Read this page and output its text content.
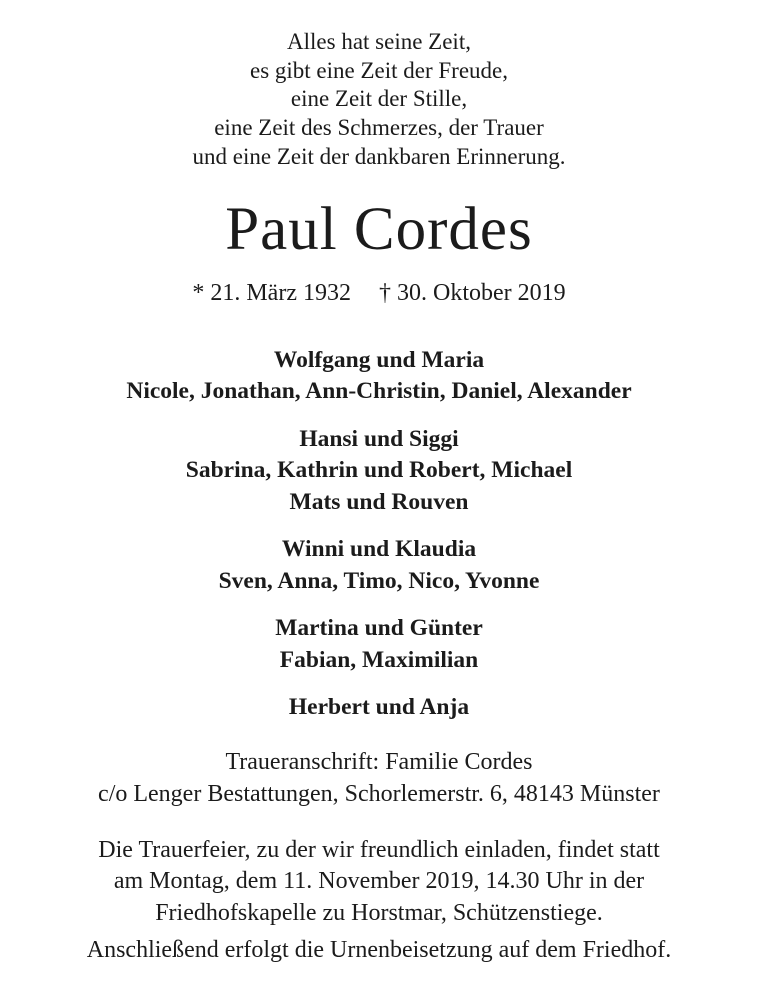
Alles hat seine Zeit,
es gibt eine Zeit der Freude,
eine Zeit der Stille,
eine Zeit des Schmerzes, der Trauer
und eine Zeit der dankbaren Erinnerung.
Paul Cordes
* 21. März 1932 † 30. Oktober 2019
Wolfgang und Maria
Nicole, Jonathan, Ann-Christin, Daniel, Alexander
Hansi und Siggi
Sabrina, Kathrin und Robert, Michael
Mats und Rouven
Winni und Klaudia
Sven, Anna, Timo, Nico, Yvonne
Martina und Günter
Fabian, Maximilian
Herbert und Anja
Traueranschrift: Familie Cordes
c/o Lenger Bestattungen, Schorlemerstr. 6, 48143 Münster
Die Trauerfeier, zu der wir freundlich einladen, findet statt
am Montag, dem 11. November 2019, 14.30 Uhr in der
Friedhofskapelle zu Horstmar, Schützenstiege.
Anschließend erfolgt die Urnenbeisetzung auf dem Friedhof.
